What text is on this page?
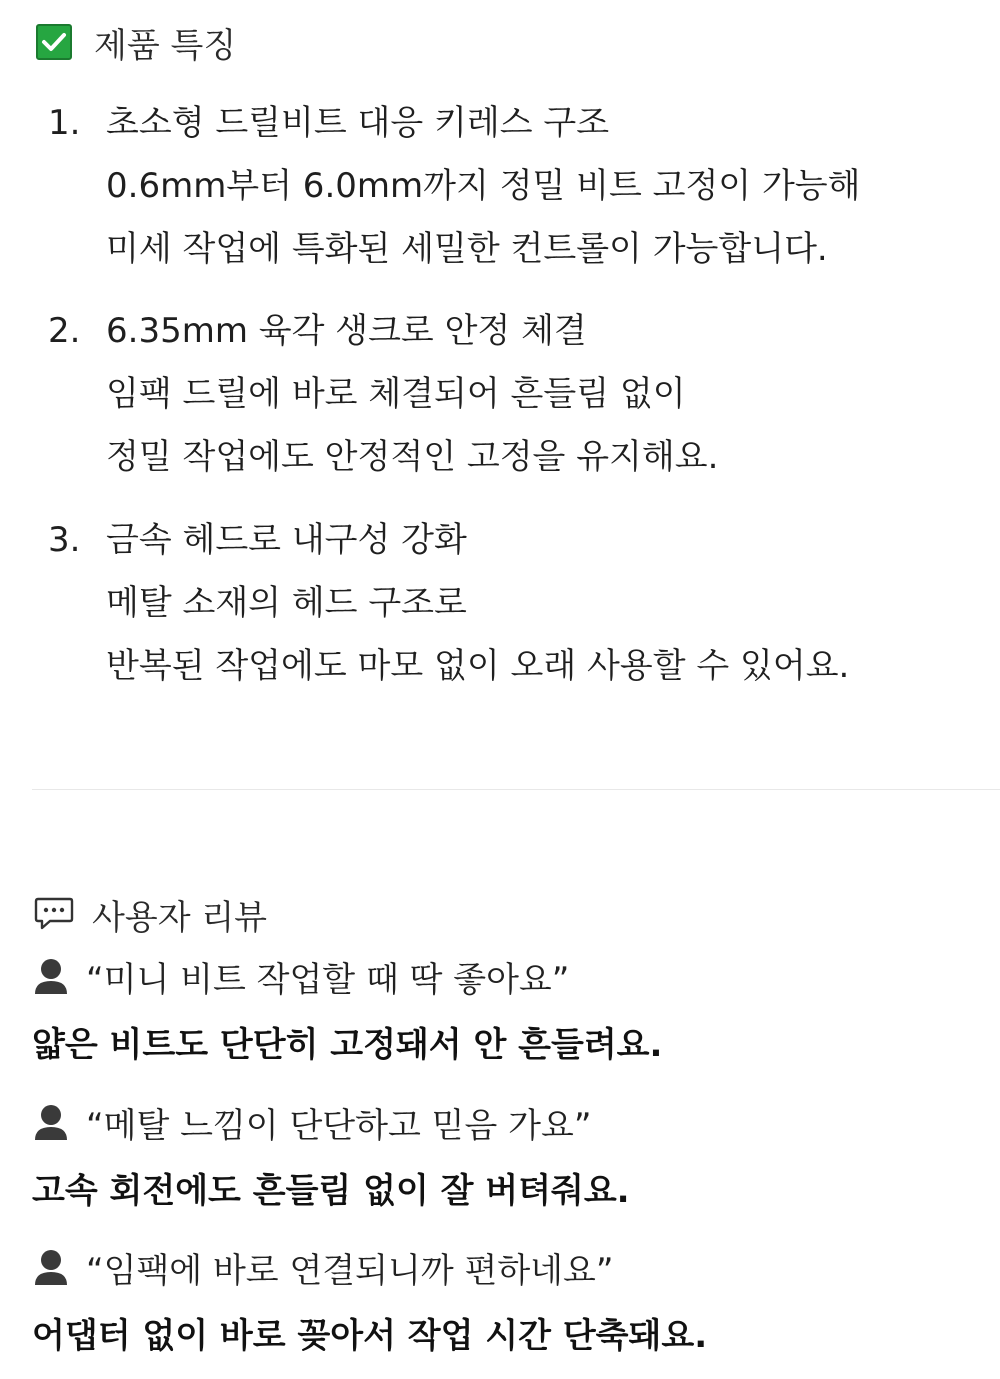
제품 특징
1. 초소형 드릴비트 대응 키레스 구조
0.6mm부터 6.0mm까지 정밀 비트 고정이 가능해
미세 작업에 특화된 세밀한 컨트롤이 가능합니다.
2. 6.35mm 육각 생크로 안정 체결
임팩 드릴에 바로 체결되어 흔들림 없이
정밀 작업에도 안정적인 고정을 유지해요.
3. 금속 헤드로 내구성 강화
메탈 소재의 헤드 구조로
반복된 작업에도 마모 없이 오래 사용할 수 있어요.
사용자 리뷰
“미니 비트 작업할 때 딱 좋아요”
얇은 비트도 단단히 고정돼서 안 흔들려요.
“메탈 느낌이 단단하고 믿음 가요”
고속 회전에도 흔들림 없이 잘 버텨줘요.
“임팩에 바로 연결되니까 편하네요”
어댑터 없이 바로 꽂아서 작업 시간 단축돼요.
